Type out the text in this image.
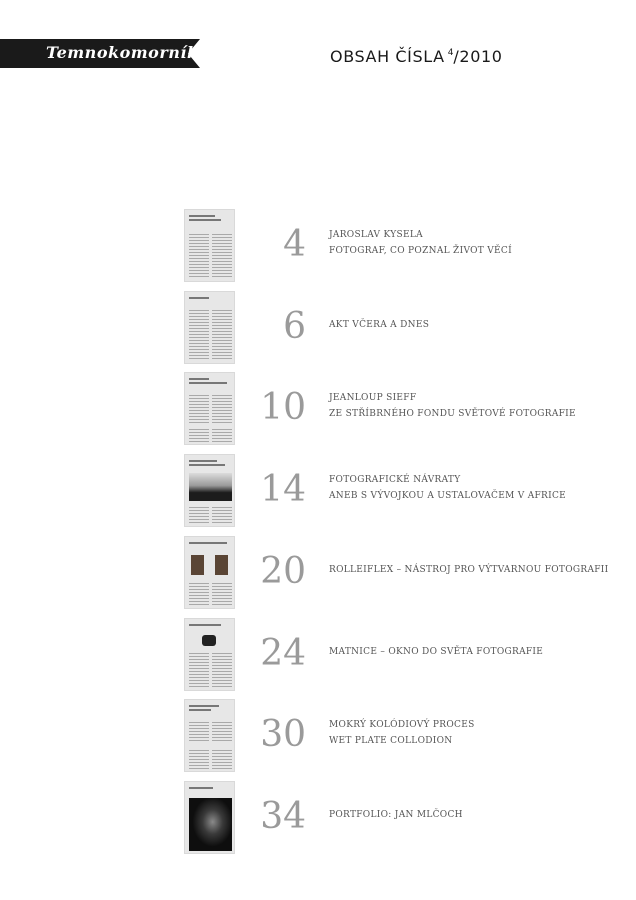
Temnokomorník	OBSAH ČÍSLA $^4$/2010
4	JAROSLAV KYSELA
FOTOGRAF, CO POZNAL ŽIVOT VĚCÍ
6	AKT VČERA A DNES
10	JEANLOUP SIEFF
ZE STŘÍBRNÉHO FONDU SVĚTOVÉ FOTOGRAFIE
14	FOTOGRAFICKÉ NÁVRATY
ANEB S VÝVOJKOU A USTALOVAČEM V AFRICE
20	ROLLEIFLEX – NÁSTROJ PRO VÝTVARNOU FOTOGRAFII
24	MATNICE – OKNO DO SVĚTA FOTOGRAFIE
30	MOKRÝ KOLÓDIOVÝ PROCES
WET PLATE COLLODION
34	PORTFOLIO: JAN MLČOCH
